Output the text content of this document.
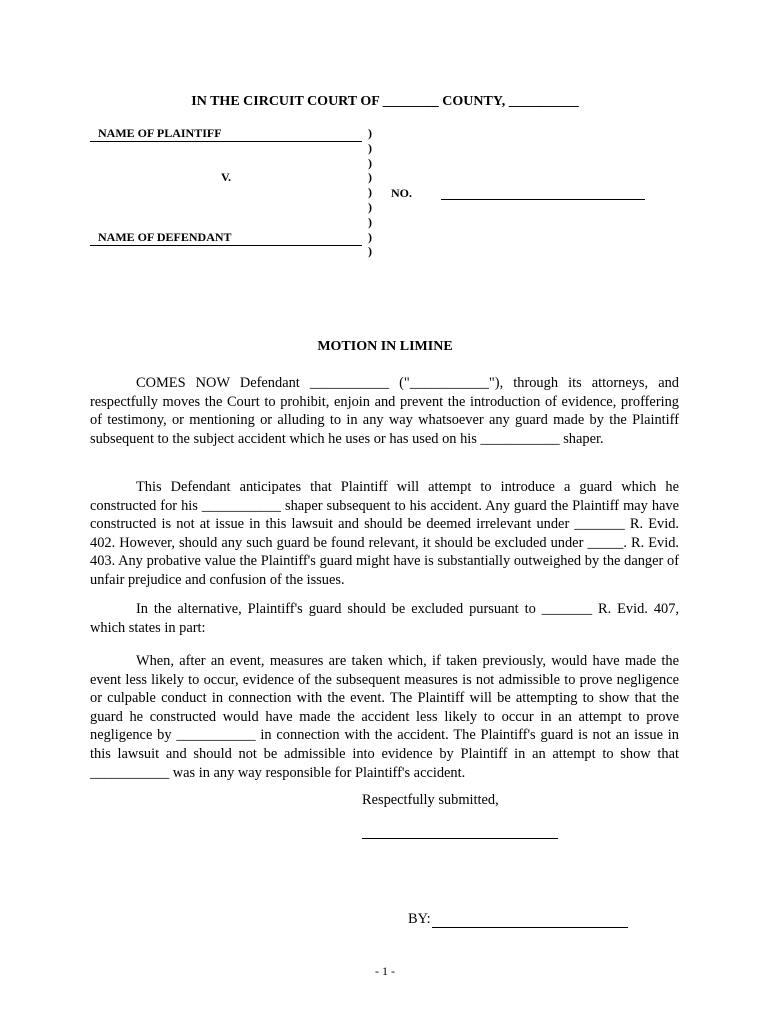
IN THE CIRCUIT COURT OF ________ COUNTY, __________
NAME OF PLAINTIFF
V.
NAME OF DEFENDANT
)
)
)
)
)
)
)
)
)
NO.
MOTION IN LIMINE

COMES NOW Defendant ___________ ("___________"), through its attorneys, and respectfully moves the Court to prohibit, enjoin and prevent the introduction of evidence, proffering of testimony, or mentioning or alluding to in any way whatsoever any guard made by the Plaintiff subsequent to the subject accident which he uses or has used on his ___________ shaper.

This Defendant anticipates that Plaintiff will attempt to introduce a guard which he constructed for his ___________ shaper subsequent to his accident. Any guard the Plaintiff may have constructed is not at issue in this lawsuit and should be deemed irrelevant under _______ R. Evid. 402. However, should any such guard be found relevant, it should be excluded under _____. R. Evid. 403. Any probative value the Plaintiff's guard might have is substantially outweighed by the danger of unfair prejudice and confusion of the issues.

In the alternative, Plaintiff's guard should be excluded pursuant to _______ R. Evid. 407, which states in part:

When, after an event, measures are taken which, if taken previously, would have made the event less likely to occur, evidence of the subsequent measures is not admissible to prove negligence or culpable conduct in connection with the event. The Plaintiff will be attempting to show that the guard he constructed would have made the accident less likely to occur in an attempt to prove negligence by ___________ in connection with the accident. The Plaintiff's guard is not an issue in this lawsuit and should not be admissible into evidence by Plaintiff in an attempt to show that ___________ was in any way responsible for Plaintiff's accident.

Respectfully submitted,
BY:
- 1 -
